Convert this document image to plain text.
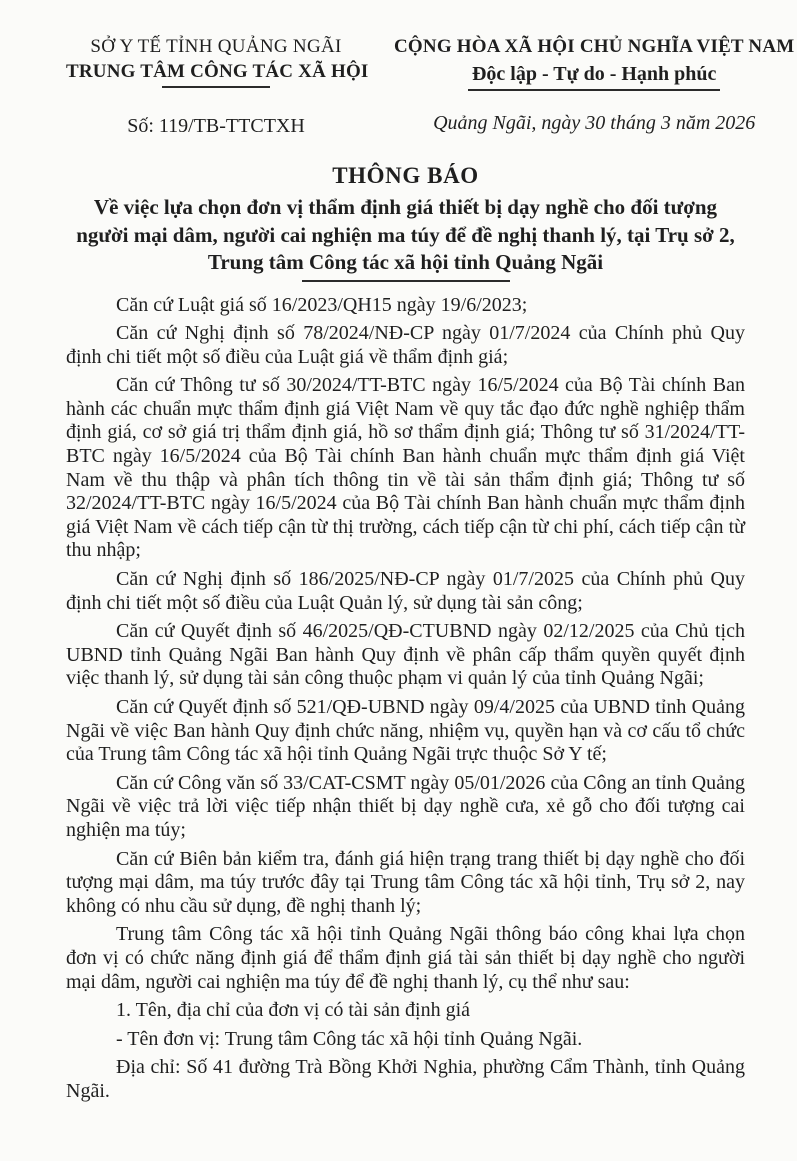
SỞ Y TẾ TỈNH QUẢNG NGÃI
TRUNG TÂM CÔNG TÁC XÃ HỘI
Số: 119/TB-TTCTXH
CỘNG HÒA XÃ HỘI CHỦ NGHĨA VIỆT NAM
Độc lập - Tự do - Hạnh phúc
Quảng Ngãi, ngày 30 tháng 3 năm 2026
THÔNG BÁO
Về việc lựa chọn đơn vị thẩm định giá thiết bị dạy nghề cho đối tượng
người mại dâm, người cai nghiện ma túy để đề nghị thanh lý, tại Trụ sở 2,
Trung tâm Công tác xã hội tỉnh Quảng Ngãi

Căn cứ Luật giá số 16/2023/QH15 ngày 19/6/2023;

Căn cứ Nghị định số 78/2024/NĐ-CP ngày 01/7/2024 của Chính phủ Quy định chi tiết một số điều của Luật giá về thẩm định giá;

Căn cứ Thông tư số 30/2024/TT-BTC ngày 16/5/2024 của Bộ Tài chính Ban hành các chuẩn mực thẩm định giá Việt Nam về quy tắc đạo đức nghề nghiệp thẩm định giá, cơ sở giá trị thẩm định giá, hồ sơ thẩm định giá; Thông tư số 31/2024/TT-BTC ngày 16/5/2024 của Bộ Tài chính Ban hành chuẩn mực thẩm định giá Việt Nam về thu thập và phân tích thông tin về tài sản thẩm định giá; Thông tư số 32/2024/TT-BTC ngày 16/5/2024 của Bộ Tài chính Ban hành chuẩn mực thẩm định giá Việt Nam về cách tiếp cận từ thị trường, cách tiếp cận từ chi phí, cách tiếp cận từ thu nhập;

Căn cứ Nghị định số 186/2025/NĐ-CP ngày 01/7/2025 của Chính phủ Quy định chi tiết một số điều của Luật Quản lý, sử dụng tài sản công;

Căn cứ Quyết định số 46/2025/QĐ-CTUBND ngày 02/12/2025 của Chủ tịch UBND tỉnh Quảng Ngãi Ban hành Quy định về phân cấp thẩm quyền quyết định việc thanh lý, sử dụng tài sản công thuộc phạm vi quản lý của tỉnh Quảng Ngãi;

Căn cứ Quyết định số 521/QĐ-UBND ngày 09/4/2025 của UBND tỉnh Quảng Ngãi về việc Ban hành Quy định chức năng, nhiệm vụ, quyền hạn và cơ cấu tổ chức của Trung tâm Công tác xã hội tỉnh Quảng Ngãi trực thuộc Sở Y tế;

Căn cứ Công văn số 33/CAT-CSMT ngày 05/01/2026 của Công an tỉnh Quảng Ngãi về việc trả lời việc tiếp nhận thiết bị dạy nghề cưa, xẻ gỗ cho đối tượng cai nghiện ma túy;

Căn cứ Biên bản kiểm tra, đánh giá hiện trạng trang thiết bị dạy nghề cho đối tượng mại dâm, ma túy trước đây tại Trung tâm Công tác xã hội tỉnh, Trụ sở 2, nay không có nhu cầu sử dụng, đề nghị thanh lý;

Trung tâm Công tác xã hội tỉnh Quảng Ngãi thông báo công khai lựa chọn đơn vị có chức năng định giá để thẩm định giá tài sản thiết bị dạy nghề cho người mại dâm, người cai nghiện ma túy để đề nghị thanh lý, cụ thể như sau:

1. Tên, địa chỉ của đơn vị có tài sản định giá

- Tên đơn vị: Trung tâm Công tác xã hội tỉnh Quảng Ngãi.

Địa chỉ: Số 41 đường Trà Bồng Khởi Nghia, phường Cẩm Thành, tỉnh Quảng Ngãi.
